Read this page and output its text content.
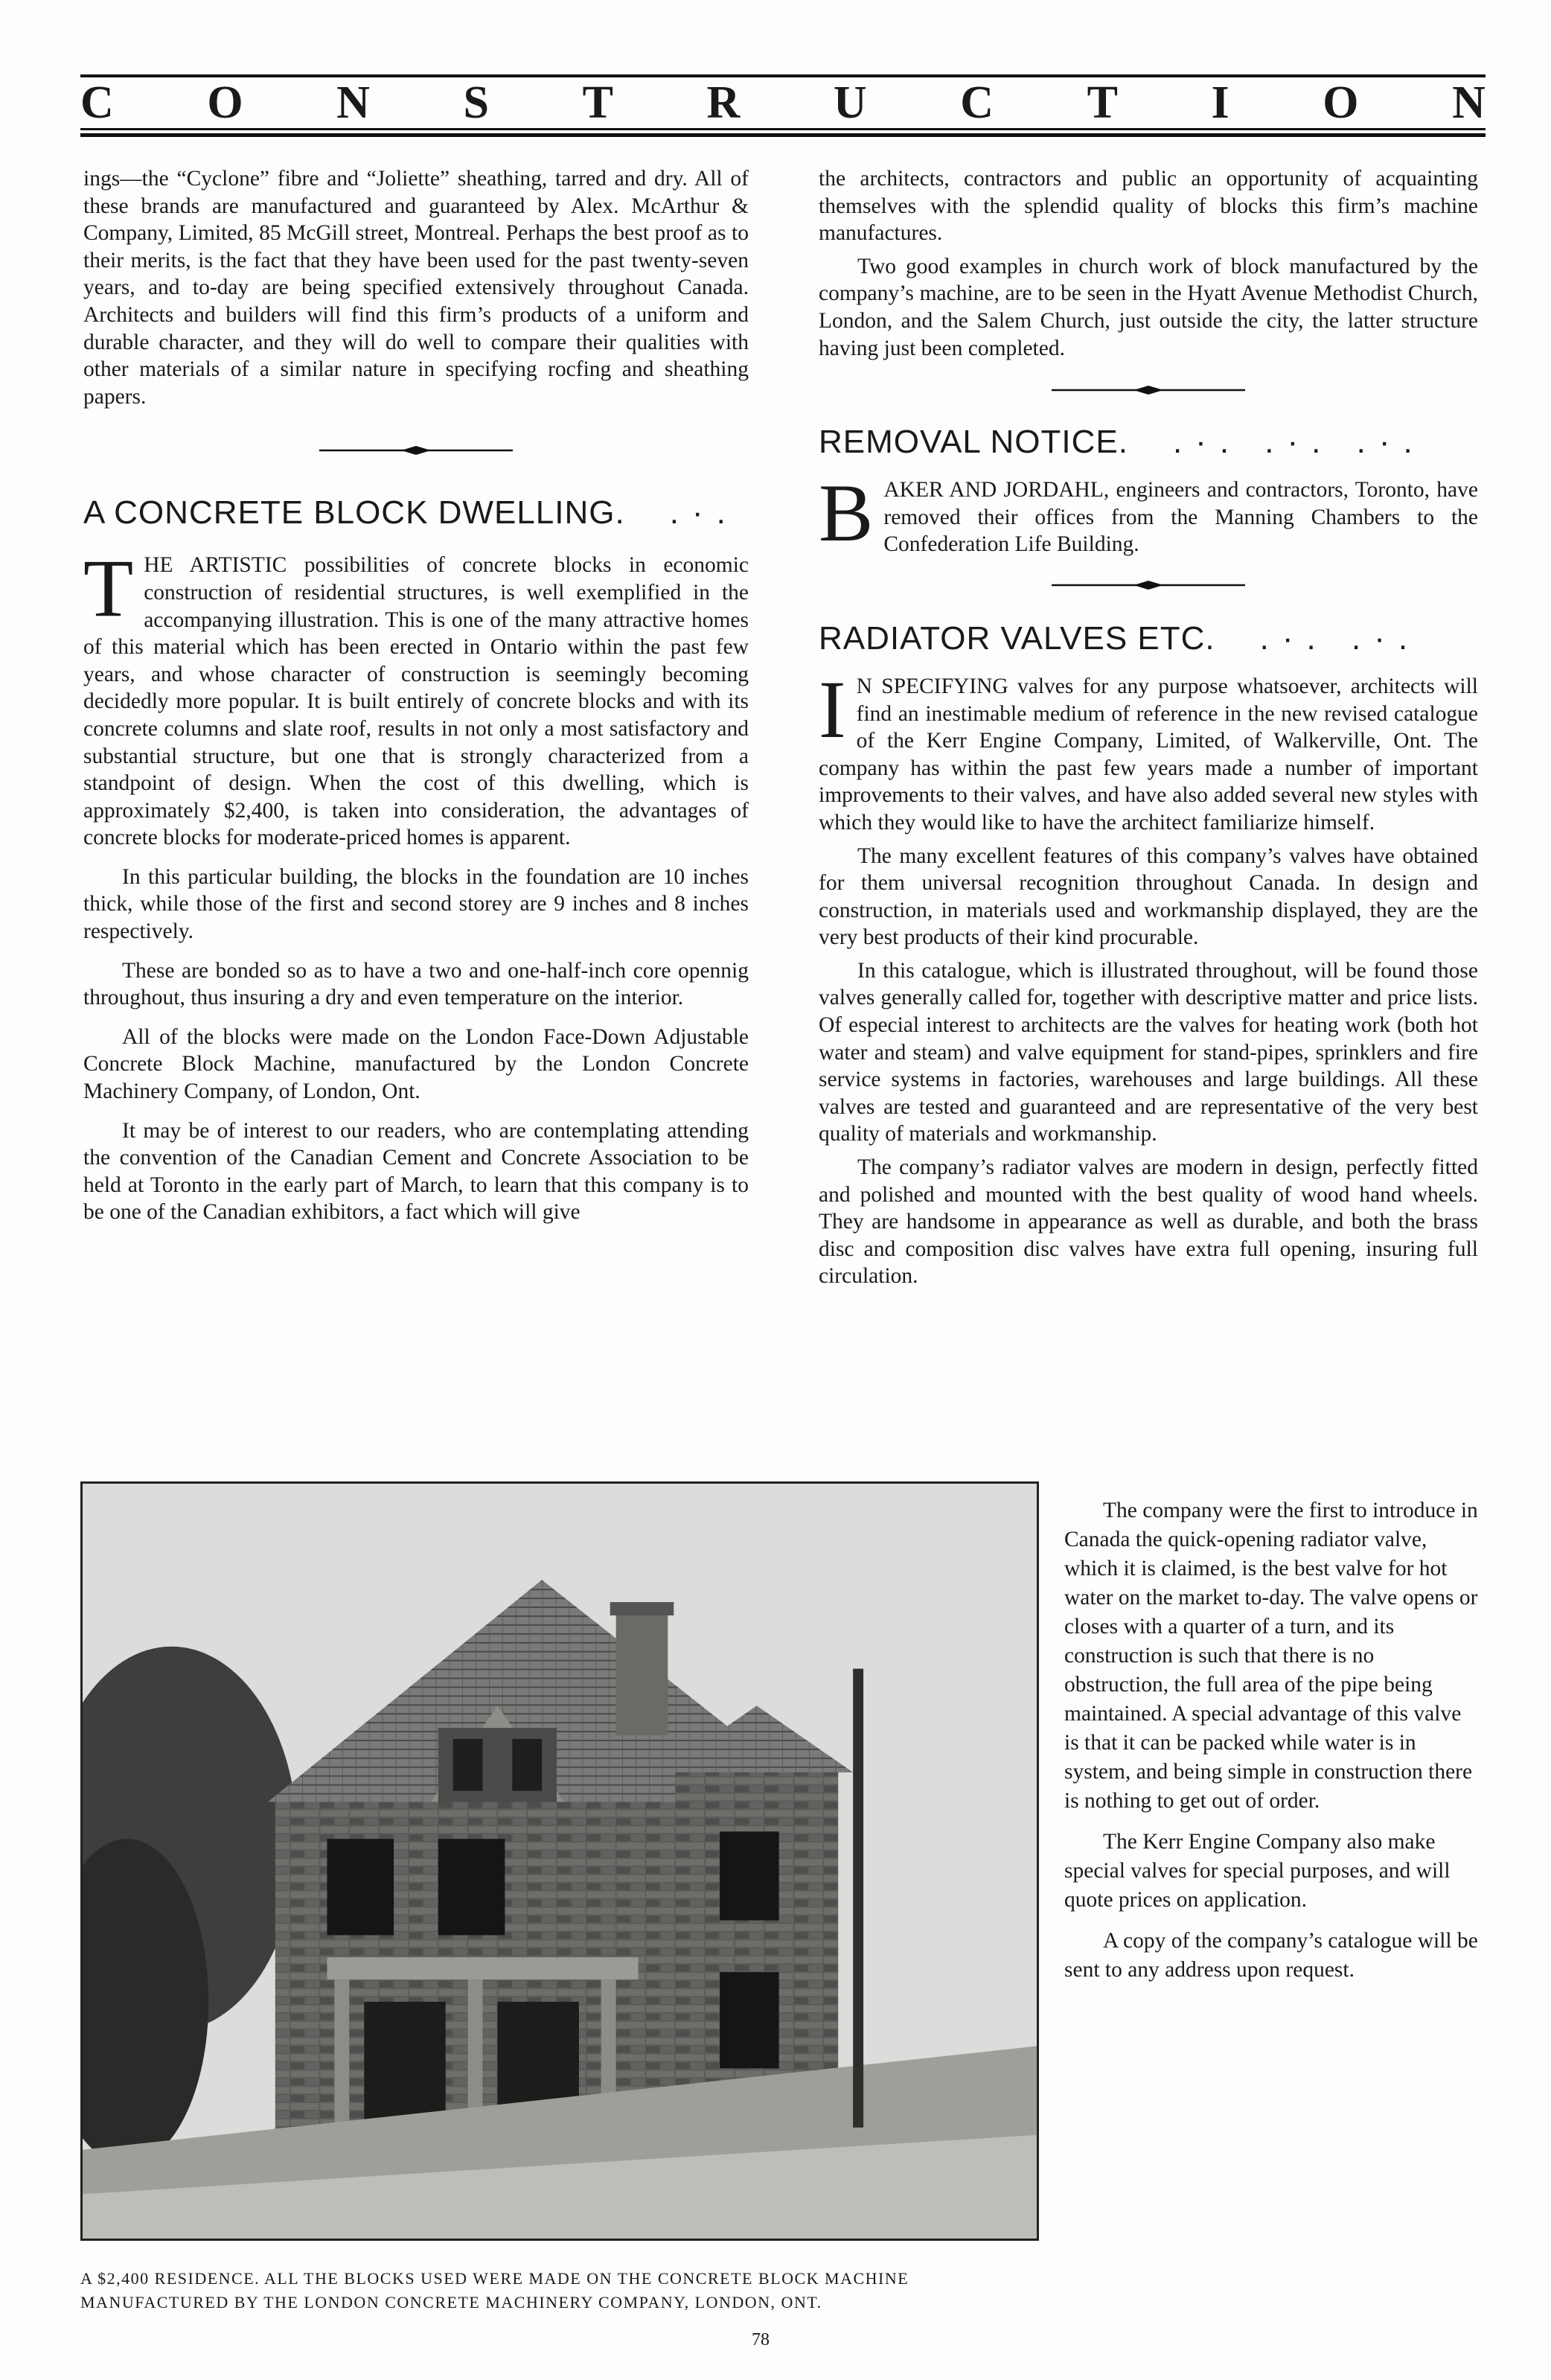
C O N S T R U C T I O N

ings—the “Cyclone” fibre and “Joliette” sheathing, tarred and dry. All of these brands are manufactured and guaranteed by Alex. McArthur & Company, Limited, 85 McGill street, Montreal. Perhaps the best proof as to their merits, is the fact that they have been used for the past twenty-seven years, and to-day are being specified extensively throughout Canada. Architects and builders will find this firm’s products of a uniform and durable character, and they will do well to compare their qualities with other materials of a similar nature in specifying rocfing and sheathing papers.

A CONCRETE BLOCK DWELLING. .·.

THE ARTISTIC possibilities of concrete blocks in economic construction of residential structures, is well exemplified in the accompanying illustration. This is one of the many attractive homes of this material which has been erected in Ontario within the past few years, and whose character of construction is seemingly becoming decidedly more popular. It is built entirely of concrete blocks and with its concrete columns and slate roof, results in not only a most satisfactory and substantial structure, but one that is strongly characterized from a standpoint of design. When the cost of this dwelling, which is approximately $2,400, is taken into consideration, the advantages of concrete blocks for moderate-priced homes is apparent.

In this particular building, the blocks in the foundation are 10 inches thick, while those of the first and second storey are 9 inches and 8 inches respectively.

These are bonded so as to have a two and one-half-inch core opennig throughout, thus insuring a dry and even temperature on the interior.

All of the blocks were made on the London Face-Down Adjustable Concrete Block Machine, manufactured by the London Concrete Machinery Company, of London, Ont.

It may be of interest to our readers, who are contemplating attending the convention of the Canadian Cement and Concrete Association to be held at Toronto in the early part of March, to learn that this company is to be one of the Canadian exhibitors, a fact which will give

the architects, contractors and public an opportunity of acquainting themselves with the splendid quality of blocks this firm’s machine manufactures.

Two good examples in church work of block manufactured by the company’s machine, are to be seen in the Hyatt Avenue Methodist Church, London, and the Salem Church, just outside the city, the latter structure having just been completed.

REMOVAL NOTICE. .·. .·. .·.

BAKER AND JORDAHL, engineers and contractors, Toronto, have removed their offices from the Manning Chambers to the Confederation Life Building.

RADIATOR VALVES ETC. .·. .·.

I N SPECIFYING valves for any purpose whatsoever, architects will find an inestimable medium of reference in the new revised catalogue of the Kerr Engine Company, Limited, of Walkerville, Ont. The company has within the past few years made a number of important improvements to their valves, and have also added several new styles with which they would like to have the architect familiarize himself.

The many excellent features of this company’s valves have obtained for them universal recognition throughout Canada. In design and construction, in materials used and workmanship displayed, they are the very best products of their kind procurable.

In this catalogue, which is illustrated throughout, will be found those valves generally called for, together with descriptive matter and price lists. Of especial interest to architects are the valves for heating work (both hot water and steam) and valve equipment for stand-pipes, sprinklers and fire service systems in factories, warehouses and large buildings. All these valves are tested and guaranteed and are representative of the very best quality of materials and workmanship.

The company’s radiator valves are modern in design, perfectly fitted and polished and mounted with the best quality of wood hand wheels. They are handsome in appearance as well as durable, and both the brass disc and composition disc valves have extra full opening, insuring full circulation.

A $2,400 RESIDENCE. ALL THE BLOCKS USED WERE MADE ON THE CONCRETE BLOCK MACHINE MANUFACTURED BY THE LONDON CONCRETE MACHINERY COMPANY, LONDON, ONT.

The company were the first to introduce in Canada the quick-opening radiator valve, which it is claimed, is the best valve for hot water on the market to-day. The valve opens or closes with a quarter of a turn, and its construction is such that there is no obstruction, the full area of the pipe being maintained. A special advantage of this valve is that it can be packed while water is in system, and being simple in construction there is nothing to get out of order.

The Kerr Engine Company also make special valves for special purposes, and will quote prices on application.

A copy of the company’s catalogue will be sent to any address upon request.

78
